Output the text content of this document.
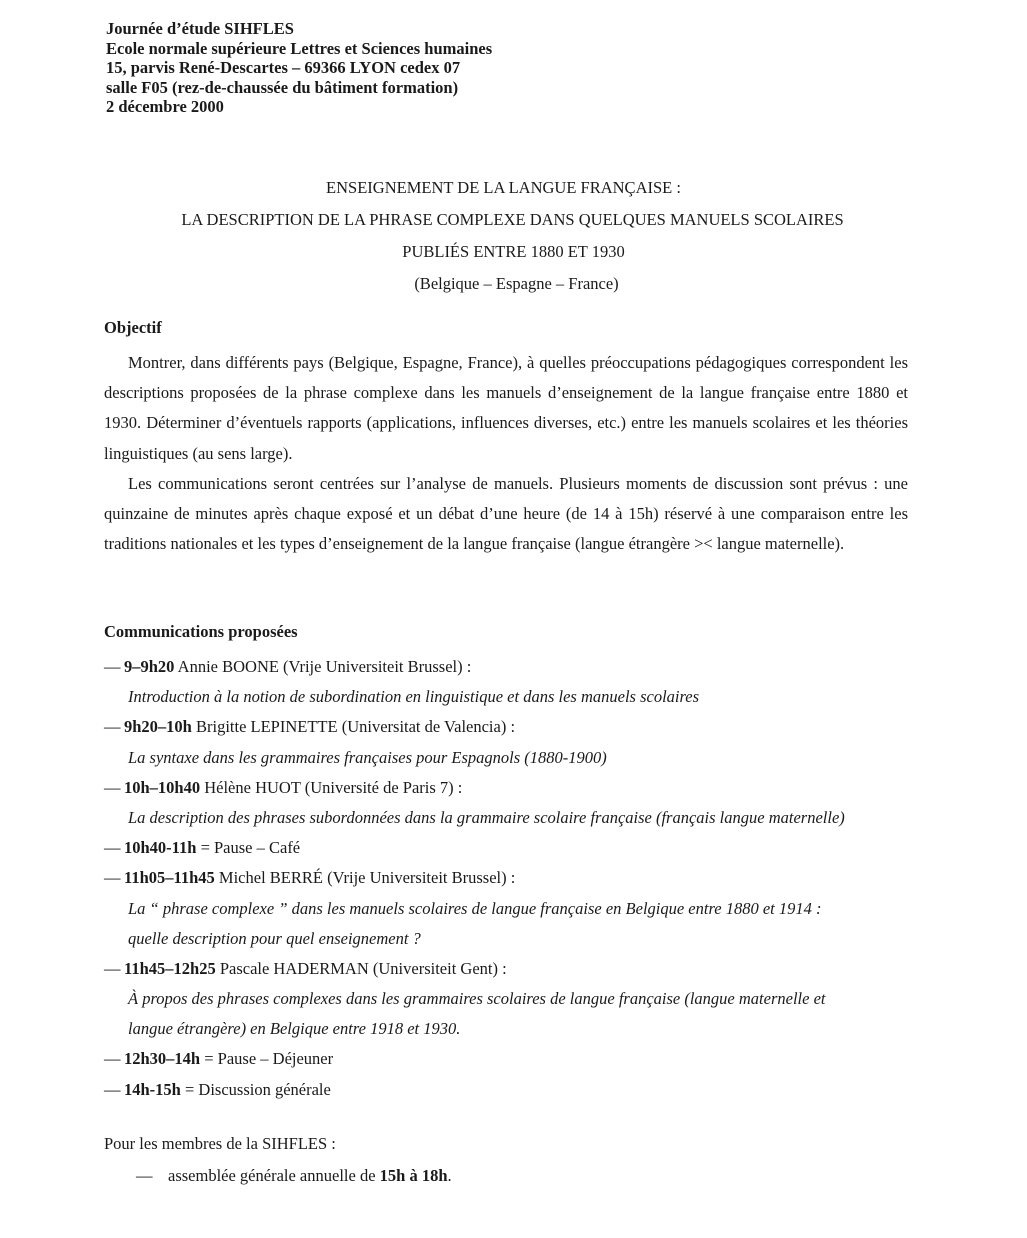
Journée d’étude SIHFLES
Ecole normale supérieure Lettres et Sciences humaines
15, parvis René-Descartes – 69366 LYON cedex 07
salle F05 (rez-de-chaussée du bâtiment formation)
2 décembre 2000
ENSEIGNEMENT DE LA LANGUE FRANÇAISE :
LA DESCRIPTION DE LA PHRASE COMPLEXE DANS QUELQUES MANUELS SCOLAIRES
PUBLIÉS ENTRE 1880 ET 1930
(Belgique – Espagne – France)
Objectif

Montrer, dans différents pays (Belgique, Espagne, France), à quelles préoccupations pédagogiques correspondent les descriptions proposées de la phrase complexe dans les manuels d’enseignement de la langue française entre 1880 et 1930. Déterminer d’éventuels rapports (applications, influences diverses, etc.) entre les manuels scolaires et les théories linguistiques (au sens large).

Les communications seront centrées sur l’analyse de manuels. Plusieurs moments de discussion sont prévus : une quinzaine de minutes après chaque exposé et un débat d’une heure (de 14 à 15h) réservé à une comparaison entre les traditions nationales et les types d’enseignement de la langue française (langue étrangère >< langue maternelle).

Communications proposées
— 9–9h20 Annie BOONE (Vrije Universiteit Brussel) :
Introduction à la notion de subordination en linguistique et dans les manuels scolaires
— 9h20–10h Brigitte LEPINETTE (Universitat de Valencia) :
La syntaxe dans les grammaires françaises pour Espagnols (1880-1900)
— 10h–10h40 Hélène HUOT (Université de Paris 7) :
La description des phrases subordonnées dans la grammaire scolaire française (français langue maternelle)
— 10h40-11h = Pause – Café
— 11h05–11h45 Michel BERRÉ (Vrije Universiteit Brussel) :
La “ phrase complexe ” dans les manuels scolaires de langue française en Belgique entre 1880 et 1914 :
quelle description pour quel enseignement ?
— 11h45–12h25 Pascale HADERMAN (Universiteit Gent) :
À propos des phrases complexes dans les grammaires scolaires de langue française (langue maternelle et
langue étrangère) en Belgique entre 1918 et 1930.
— 12h30–14h = Pause – Déjeuner
— 14h-15h = Discussion générale
Pour les membres de la SIHFLES :
— assemblée générale annuelle de 15h à 18h.
